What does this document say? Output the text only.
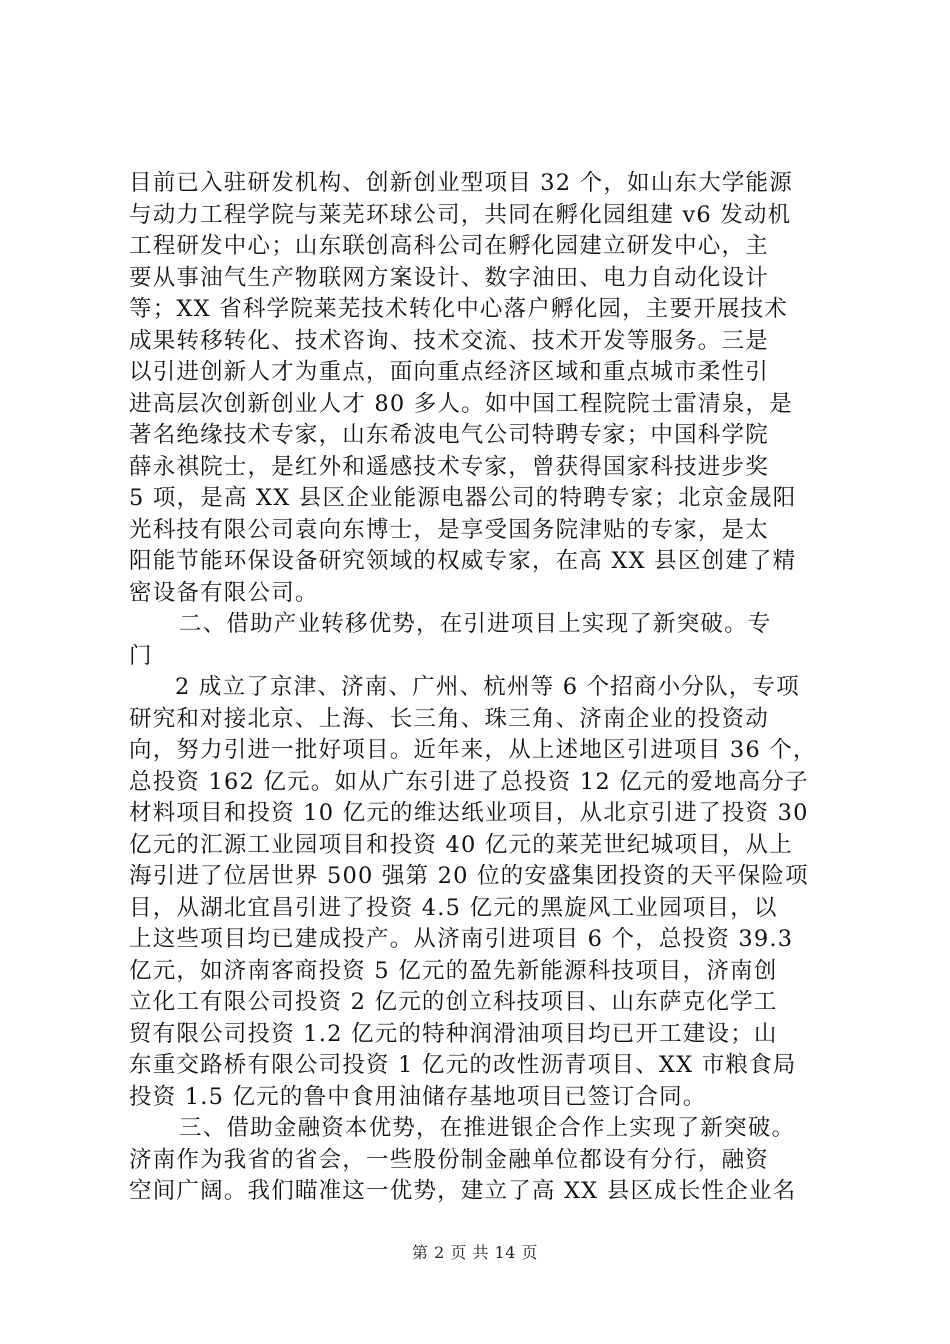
目前已入驻研发机构、创新创业型项目 32 个，如山东大学能源
与动力工程学院与莱芜环球公司，共同在孵化园组建 v6 发动机
工程研发中心；山东联创高科公司在孵化园建立研发中心，主
要从事油气生产物联网方案设计、数字油田、电力自动化设计
等；XX 省科学院莱芜技术转化中心落户孵化园，主要开展技术
成果转移转化、技术咨询、技术交流、技术开发等服务。三是
以引进创新人才为重点，面向重点经济区域和重点城市柔性引
进高层次创新创业人才 80 多人。如中国工程院院士雷清泉，是
著名绝缘技术专家，山东希波电气公司特聘专家；中国科学院
薛永祺院士，是红外和遥感技术专家，曾获得国家科技进步奖
5 项，是高 XX 县区企业能源电器公司的特聘专家；北京金晟阳
光科技有限公司袁向东博士，是享受国务院津贴的专家，是太
阳能节能环保设备研究领域的权威专家，在高 XX 县区创建了精
密设备有限公司。
二、借助产业转移优势，在引进项目上实现了新突破。专
门
2 成立了京津、济南、广州、杭州等 6 个招商小分队，专项
研究和对接北京、上海、长三角、珠三角、济南企业的投资动
向，努力引进一批好项目。近年来，从上述地区引进项目 36 个，
总投资 162 亿元。如从广东引进了总投资 12 亿元的爱地高分子
材料项目和投资 10 亿元的维达纸业项目，从北京引进了投资 30
亿元的汇源工业园项目和投资 40 亿元的莱芜世纪城项目，从上
海引进了位居世界 500 强第 20 位的安盛集团投资的天平保险项
目，从湖北宜昌引进了投资 4.5 亿元的黑旋风工业园项目，以
上这些项目均已建成投产。从济南引进项目 6 个，总投资 39.3
亿元，如济南客商投资 5 亿元的盈先新能源科技项目，济南创
立化工有限公司投资 2 亿元的创立科技项目、山东萨克化学工
贸有限公司投资 1.2 亿元的特种润滑油项目均已开工建设；山
东重交路桥有限公司投资 1 亿元的改性沥青项目、XX 市粮食局
投资 1.5 亿元的鲁中食用油储存基地项目已签订合同。
三、借助金融资本优势，在推进银企合作上实现了新突破。
济南作为我省的省会，一些股份制金融单位都设有分行，融资
空间广阔。我们瞄准这一优势，建立了高 XX 县区成长性企业名
第 2 页 共 14 页
